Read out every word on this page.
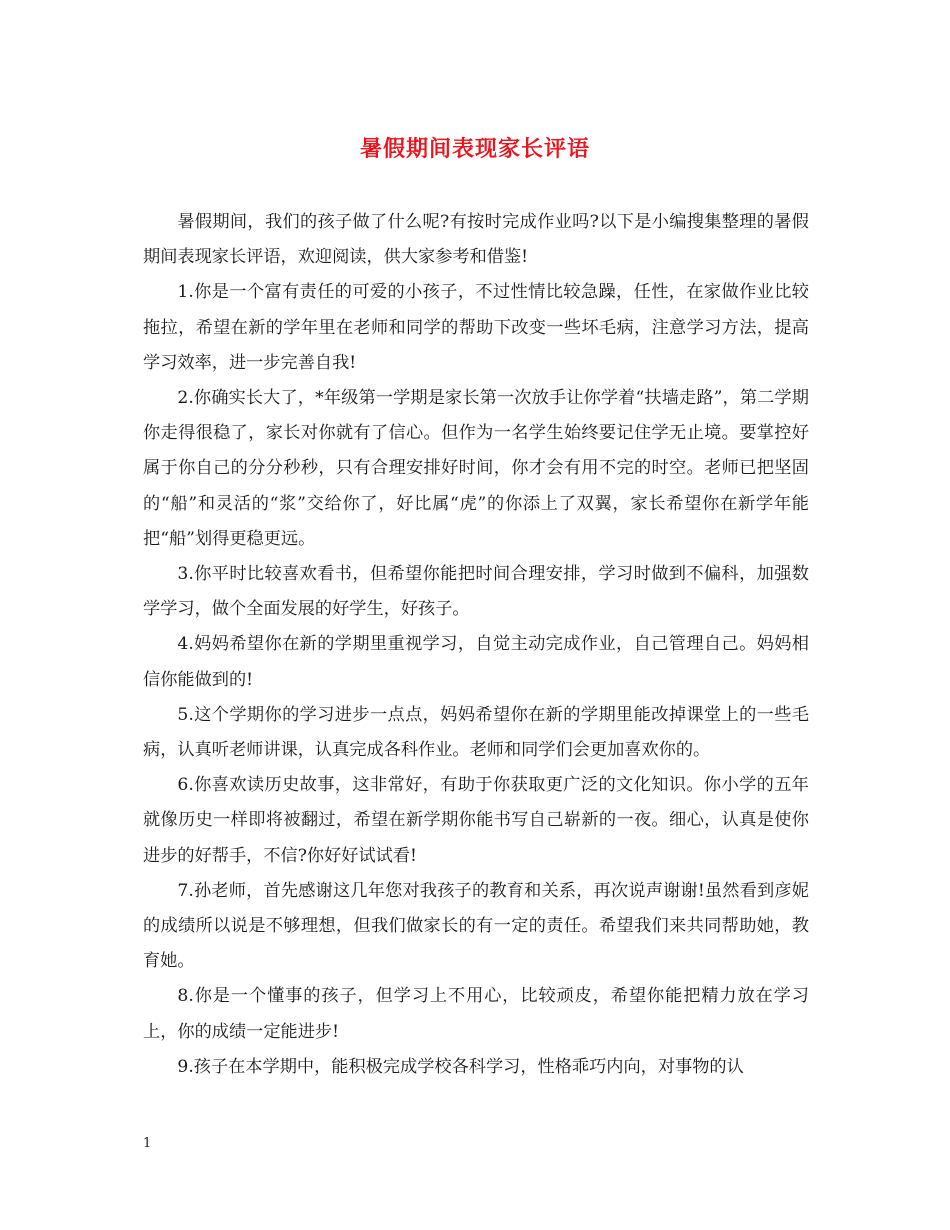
暑假期间表现家长评语

暑假期间，我们的孩子做了什么呢?有按时完成作业吗?以下是小编搜集整理的暑假期间表现家长评语，欢迎阅读，供大家参考和借鉴!

1.你是一个富有责任的可爱的小孩子，不过性情比较急躁，任性，在家做作业比较拖拉，希望在新的学年里在老师和同学的帮助下改变一些坏毛病，注意学习方法，提高学习效率，进一步完善自我!

2.你确实长大了，*年级第一学期是家长第一次放手让你学着“扶墙走路”，第二学期你走得很稳了，家长对你就有了信心。但作为一名学生始终要记住学无止境。要掌控好属于你自己的分分秒秒，只有合理安排好时间，你才会有用不完的时空。老师已把坚固的“船”和灵活的“浆”交给你了，好比属“虎”的你添上了双翼，家长希望你在新学年能把“船”划得更稳更远。

3.你平时比较喜欢看书，但希望你能把时间合理安排，学习时做到不偏科，加强数学学习，做个全面发展的好学生，好孩子。

4.妈妈希望你在新的学期里重视学习，自觉主动完成作业，自己管理自己。妈妈相信你能做到的!

5.这个学期你的学习进步一点点，妈妈希望你在新的学期里能改掉课堂上的一些毛病，认真听老师讲课，认真完成各科作业。老师和同学们会更加喜欢你的。

6.你喜欢读历史故事，这非常好，有助于你获取更广泛的文化知识。你小学的五年就像历史一样即将被翻过，希望在新学期你能书写自己崭新的一夜。细心，认真是使你进步的好帮手，不信?你好好试试看!

7.孙老师，首先感谢这几年您对我孩子的教育和关系，再次说声谢谢!虽然看到彦妮的成绩所以说是不够理想，但我们做家长的有一定的责任。希望我们来共同帮助她，教育她。

8.你是一个懂事的孩子，但学习上不用心，比较顽皮，希望你能把精力放在学习上，你的成绩一定能进步!

9.孩子在本学期中，能积极完成学校各科学习，性格乖巧内向，对事物的认

1
